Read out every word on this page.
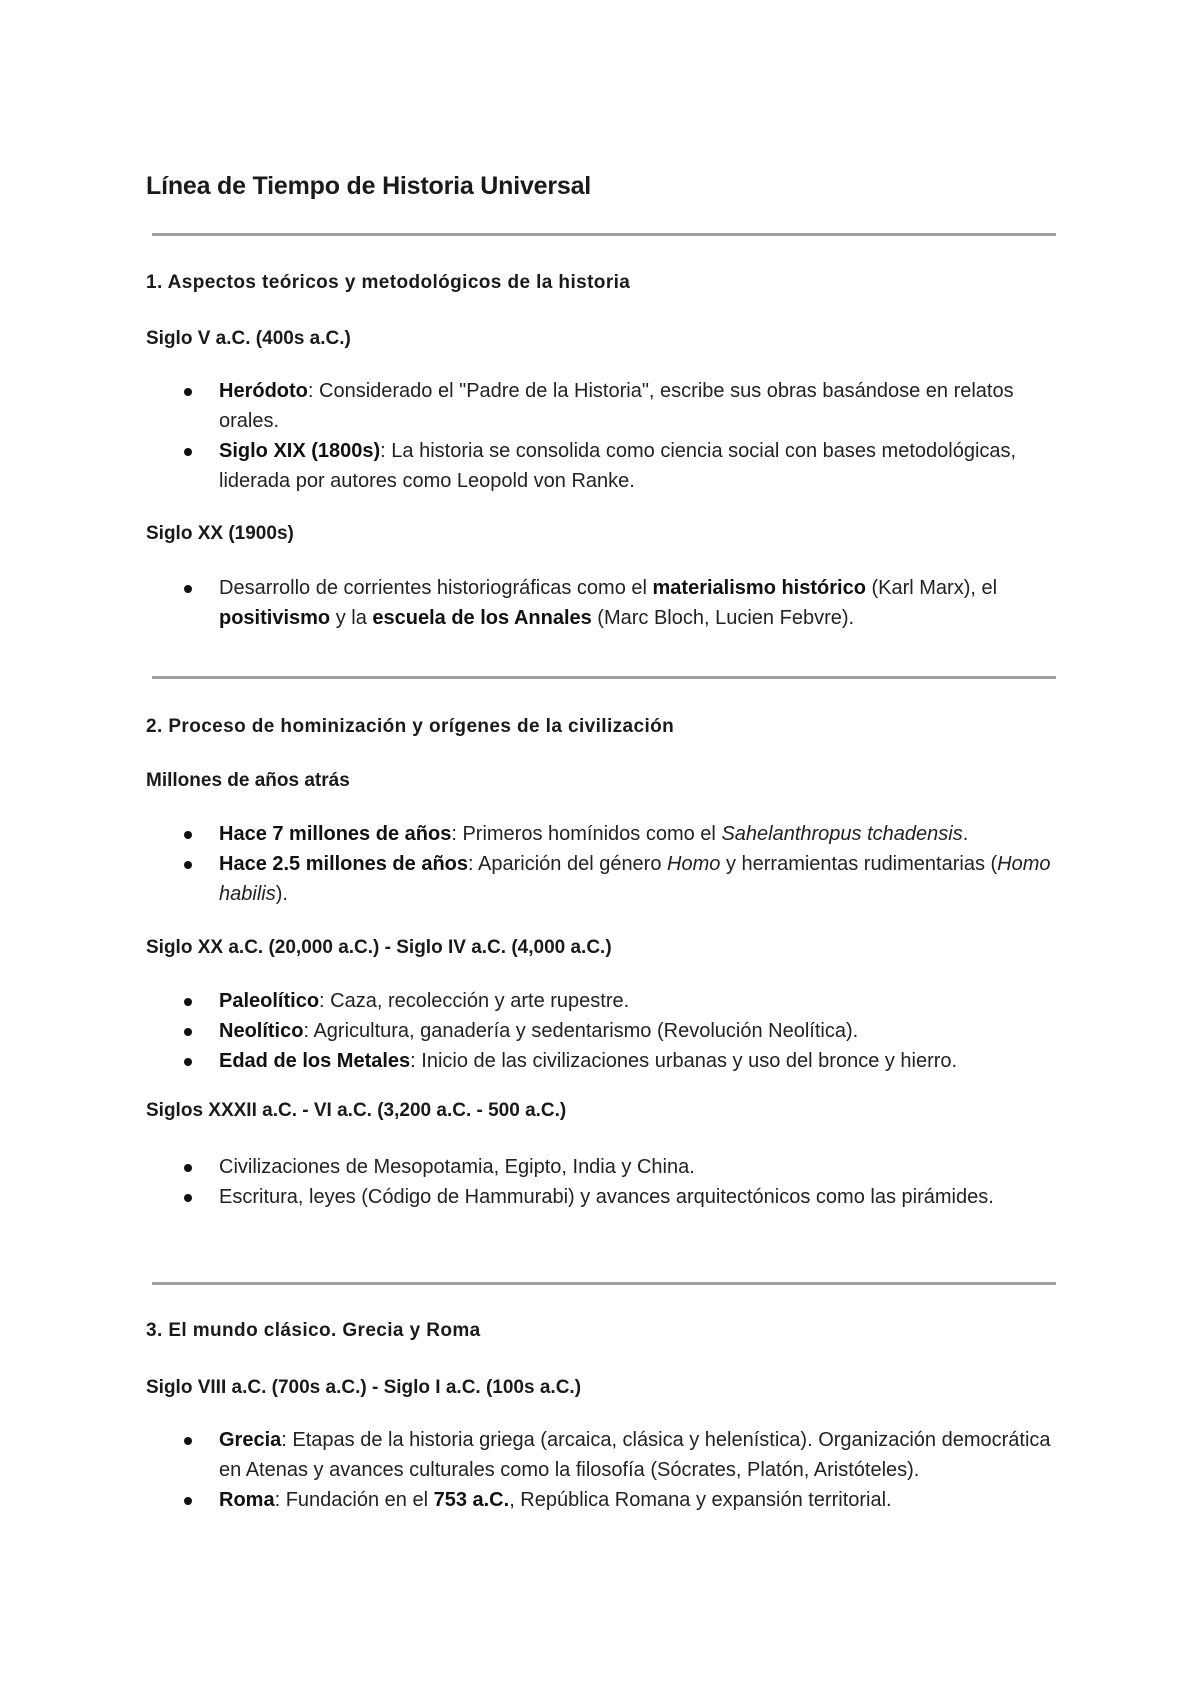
Línea de Tiempo de Historia Universal
1. Aspectos teóricos y metodológicos de la historia
Siglo V a.C. (400s a.C.)
Heródoto: Considerado el "Padre de la Historia", escribe sus obras basándose en relatos orales.
Siglo XIX (1800s): La historia se consolida como ciencia social con bases metodológicas, liderada por autores como Leopold von Ranke.
Siglo XX (1900s)
Desarrollo de corrientes historiográficas como el materialismo histórico (Karl Marx), el positivismo y la escuela de los Annales (Marc Bloch, Lucien Febvre).
2. Proceso de hominización y orígenes de la civilización
Millones de años atrás
Hace 7 millones de años: Primeros homínidos como el Sahelanthropus tchadensis.
Hace 2.5 millones de años: Aparición del género Homo y herramientas rudimentarias (Homo habilis).
Siglo XX a.C. (20,000 a.C.) - Siglo IV a.C. (4,000 a.C.)
Paleolítico: Caza, recolección y arte rupestre.
Neolítico: Agricultura, ganadería y sedentarismo (Revolución Neolítica).
Edad de los Metales: Inicio de las civilizaciones urbanas y uso del bronce y hierro.
Siglos XXXII a.C. - VI a.C. (3,200 a.C. - 500 a.C.)
Civilizaciones de Mesopotamia, Egipto, India y China.
Escritura, leyes (Código de Hammurabi) y avances arquitectónicos como las pirámides.
3. El mundo clásico. Grecia y Roma
Siglo VIII a.C. (700s a.C.) - Siglo I a.C. (100s a.C.)
Grecia: Etapas de la historia griega (arcaica, clásica y helenística). Organización democrática en Atenas y avances culturales como la filosofía (Sócrates, Platón, Aristóteles).
Roma: Fundación en el 753 a.C., República Romana y expansión territorial.
